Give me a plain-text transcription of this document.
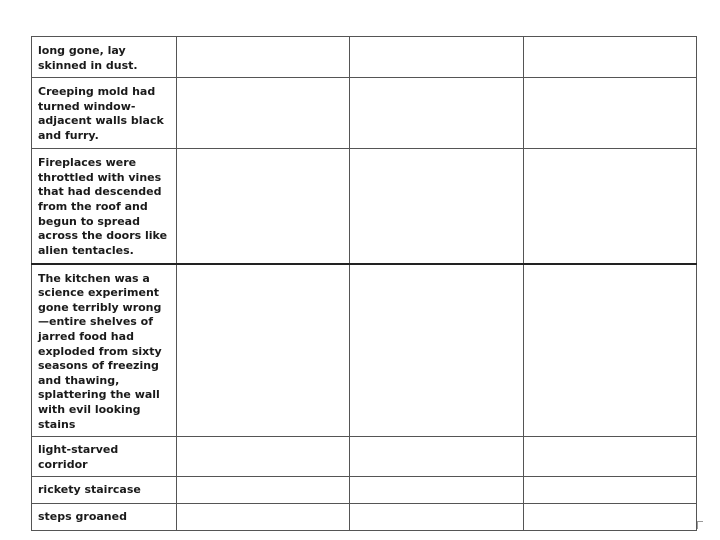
long gone, lay skinned in dust.			
Creeping mold had turned window-adjacent walls black and furry.			
Fireplaces were throttled with vines that had descended from the roof and begun to spread across the doors like alien tentacles.			
The kitchen was a science experiment gone terribly wrong—entire shelves of jarred food had exploded from sixty seasons of freezing and thawing, splattering the wall with evil looking stains			
light-starved corridor			
rickety staircase			
steps groaned			
